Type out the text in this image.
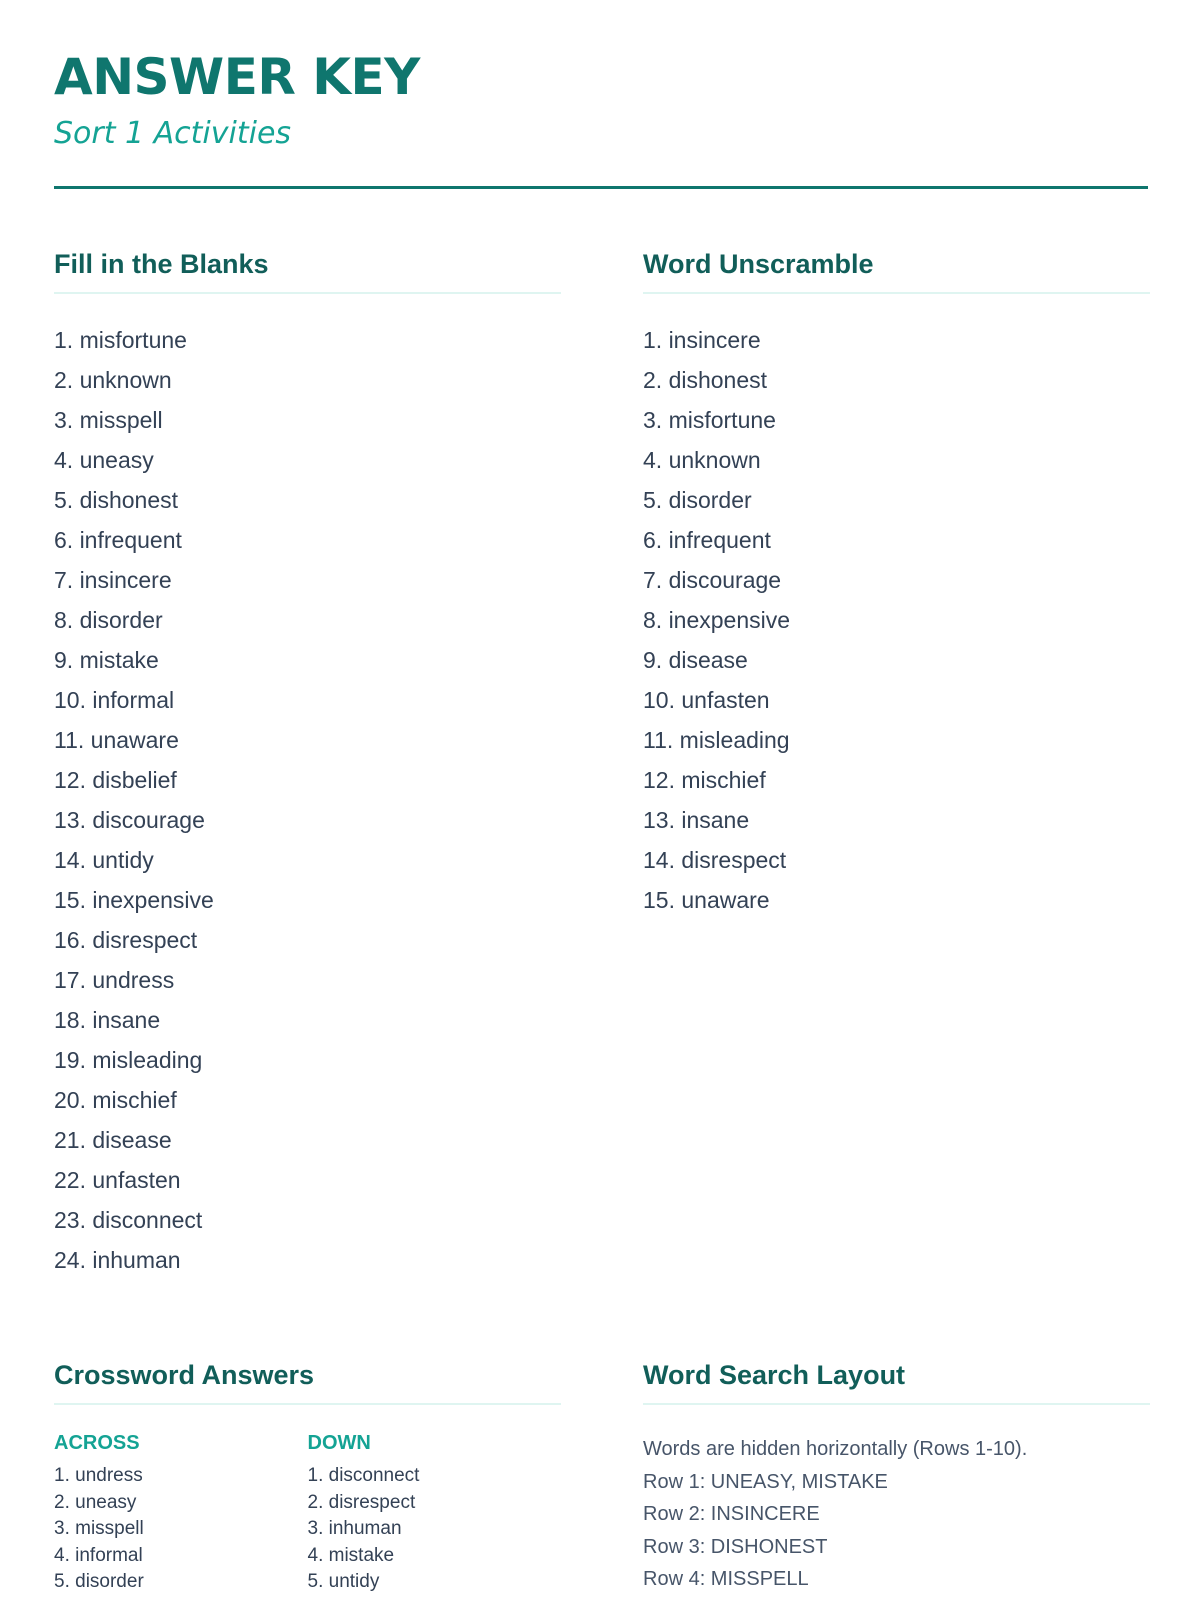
ANSWER KEY
Sort 1 Activities
Fill in the Blanks
1. misfortune
2. unknown
3. misspell
4. uneasy
5. dishonest
6. infrequent
7. insincere
8. disorder
9. mistake
10. informal
11. unaware
12. disbelief
13. discourage
14. untidy
15. inexpensive
16. disrespect
17. undress
18. insane
19. misleading
20. mischief
21. disease
22. unfasten
23. disconnect
24. inhuman
Word Unscramble
1. insincere
2. dishonest
3. misfortune
4. unknown
5. disorder
6. infrequent
7. discourage
8. inexpensive
9. disease
10. unfasten
11. misleading
12. mischief
13. insane
14. disrespect
15. unaware
Crossword Answers
ACROSS
1. undress
2. uneasy
3. misspell
4. informal
5. disorder
DOWN
1. disconnect
2. disrespect
3. inhuman
4. mistake
5. untidy
Word Search Layout

Words are hidden horizontally (Rows 1-10).

Row 1: UNEASY, MISTAKE

Row 2: INSINCERE

Row 3: DISHONEST

Row 4: MISSPELL
